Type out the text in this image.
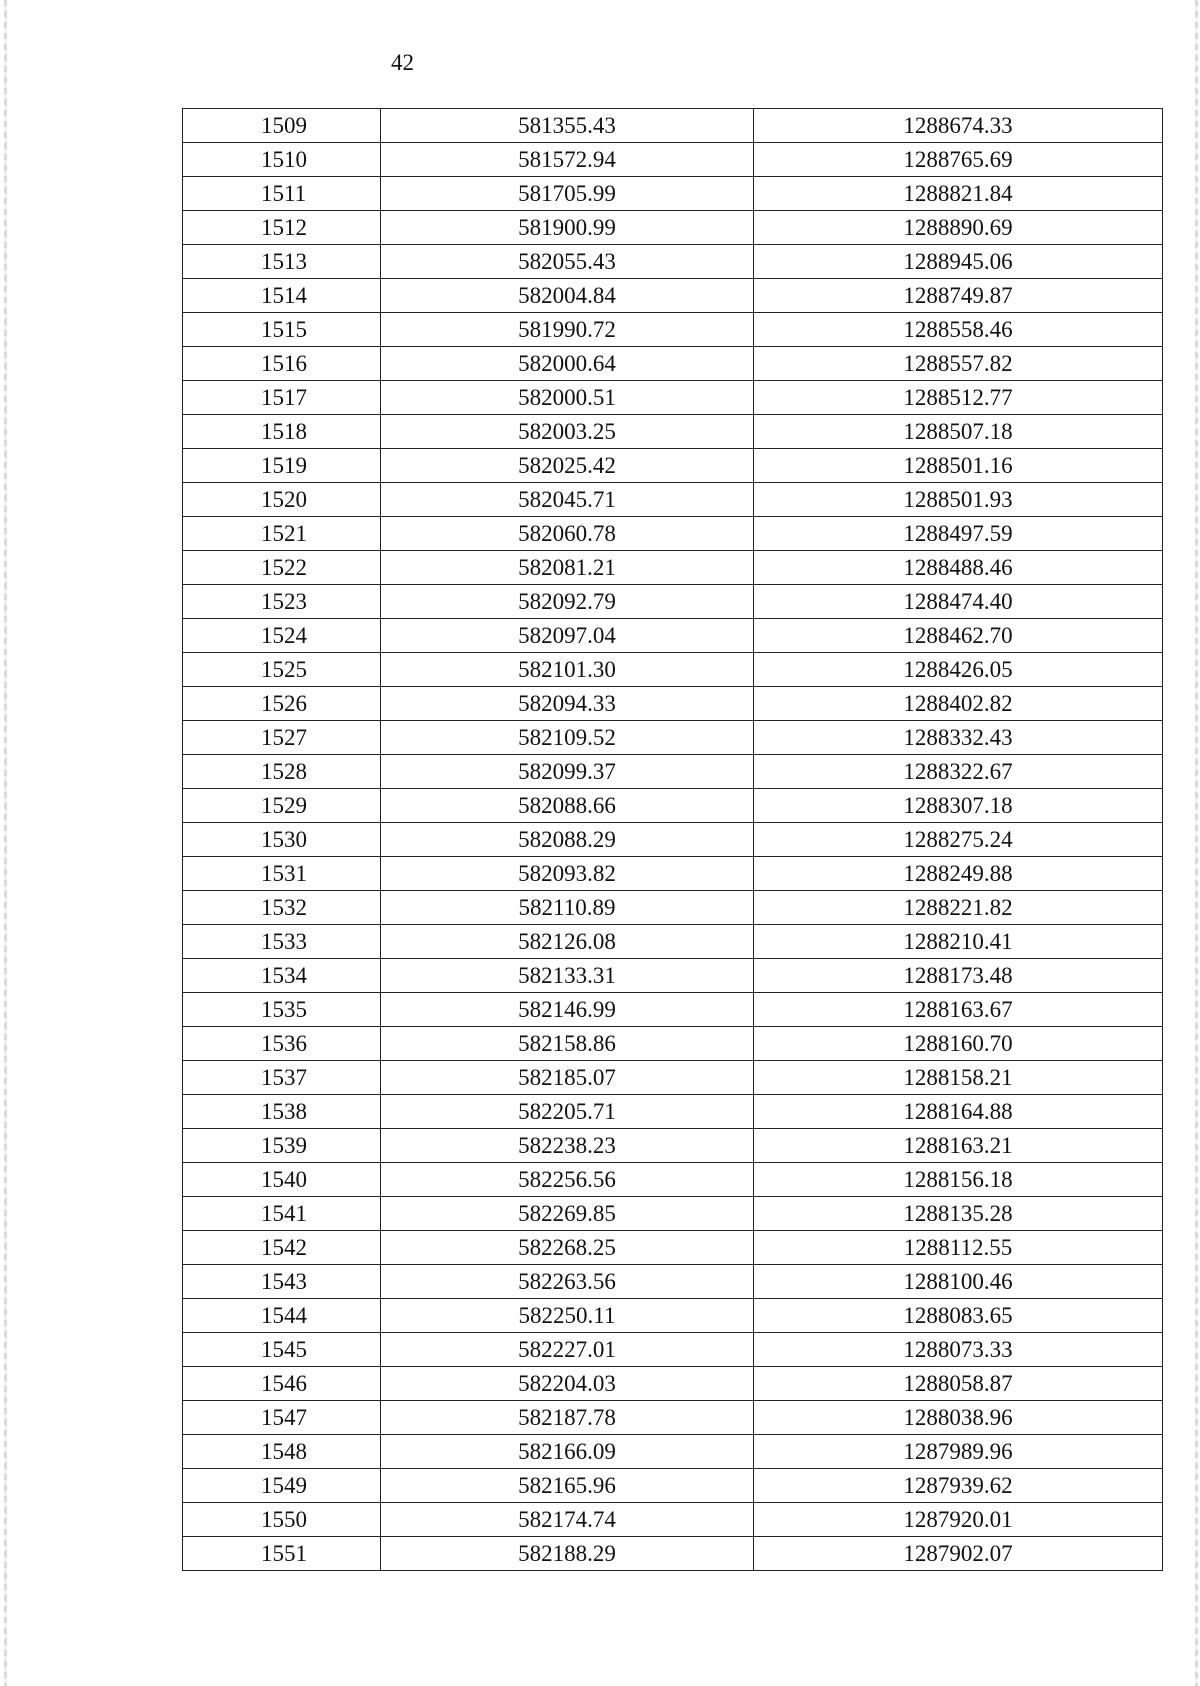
42
1509	581355.43	1288674.33
1510	581572.94	1288765.69
1511	581705.99	1288821.84
1512	581900.99	1288890.69
1513	582055.43	1288945.06
1514	582004.84	1288749.87
1515	581990.72	1288558.46
1516	582000.64	1288557.82
1517	582000.51	1288512.77
1518	582003.25	1288507.18
1519	582025.42	1288501.16
1520	582045.71	1288501.93
1521	582060.78	1288497.59
1522	582081.21	1288488.46
1523	582092.79	1288474.40
1524	582097.04	1288462.70
1525	582101.30	1288426.05
1526	582094.33	1288402.82
1527	582109.52	1288332.43
1528	582099.37	1288322.67
1529	582088.66	1288307.18
1530	582088.29	1288275.24
1531	582093.82	1288249.88
1532	582110.89	1288221.82
1533	582126.08	1288210.41
1534	582133.31	1288173.48
1535	582146.99	1288163.67
1536	582158.86	1288160.70
1537	582185.07	1288158.21
1538	582205.71	1288164.88
1539	582238.23	1288163.21
1540	582256.56	1288156.18
1541	582269.85	1288135.28
1542	582268.25	1288112.55
1543	582263.56	1288100.46
1544	582250.11	1288083.65
1545	582227.01	1288073.33
1546	582204.03	1288058.87
1547	582187.78	1288038.96
1548	582166.09	1287989.96
1549	582165.96	1287939.62
1550	582174.74	1287920.01
1551	582188.29	1287902.07
